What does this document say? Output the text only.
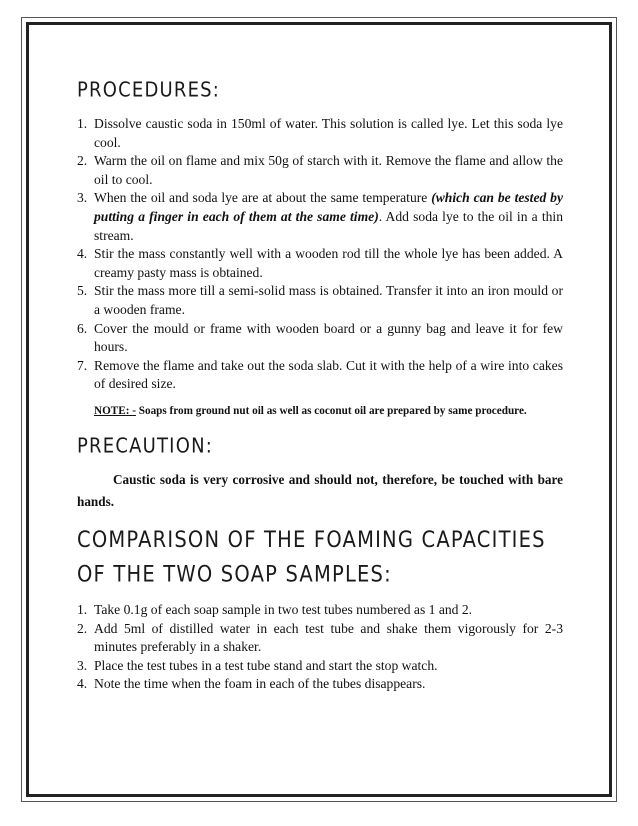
PROCEDURES:
1. Dissolve caustic soda in 150ml of water. This solution is called lye. Let this soda lye cool.
2. Warm the oil on flame and mix 50g of starch with it. Remove the flame and allow the oil to cool.
3. When the oil and soda lye are at about the same temperature (which can be tested by putting a finger in each of them at the same time). Add soda lye to the oil in a thin stream.
4. Stir the mass constantly well with a wooden rod till the whole lye has been added. A creamy pasty mass is obtained.
5. Stir the mass more till a semi-solid mass is obtained. Transfer it into an iron mould or a wooden frame.
6. Cover the mould or frame with wooden board or a gunny bag and leave it for few hours.
7. Remove the flame and take out the soda slab. Cut it with the help of a wire into cakes of desired size.

NOTE: - Soaps from ground nut oil as well as coconut oil are prepared by same procedure.

PRECAUTION:

Caustic soda is very corrosive and should not, therefore, be touched with bare hands.

COMPARISON OF THE FOAMING CAPACITIES
OF THE TWO SOAP SAMPLES:
1. Take 0.1g of each soap sample in two test tubes numbered as 1 and 2.
2. Add 5ml of distilled water in each test tube and shake them vigorously for 2-3 minutes preferably in a shaker.
3. Place the test tubes in a test tube stand and start the stop watch.
4. Note the time when the foam in each of the tubes disappears.
